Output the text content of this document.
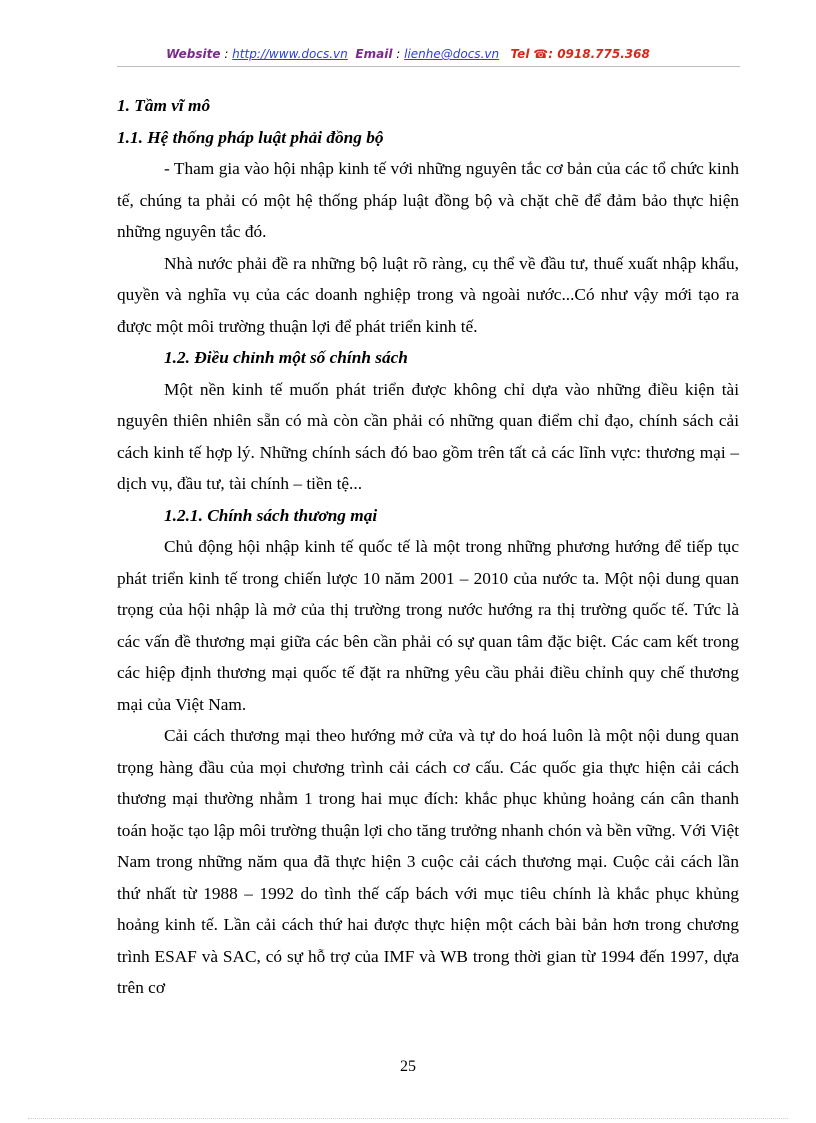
Website : http://www.docs.vn Email : lienhe@docs.vn Tel ☎: 0918.775.368

1. Tầm vĩ mô

1.1. Hệ thống pháp luật phải đồng bộ

- Tham gia vào hội nhập kinh tế với những nguyên tắc cơ bản của các tổ chức kinh tế, chúng ta phải có một hệ thống pháp luật đồng bộ và chặt chẽ để đảm bảo thực hiện những nguyên tắc đó.

Nhà nước phải đề ra những bộ luật rõ ràng, cụ thể về đầu tư, thuế xuất nhập khẩu, quyền và nghĩa vụ của các doanh nghiệp trong và ngoài nước...Có như vậy mới tạo ra được một môi trường thuận lợi để phát triển kinh tế.

1.2. Điều chỉnh một số chính sách

Một nền kinh tế muốn phát triển được không chỉ dựa vào những điều kiện tài nguyên thiên nhiên sẵn có mà còn cần phải có những quan điểm chỉ đạo, chính sách cải cách kinh tế hợp lý. Những chính sách đó bao gồm trên tất cả các lĩnh vực: thương mại – dịch vụ, đầu tư, tài chính – tiền tệ...

1.2.1. Chính sách thương mại

Chủ động hội nhập kinh tế quốc tế là một trong những phương hướng để tiếp tục phát triển kinh tế trong chiến lược 10 năm 2001 – 2010 của nước ta. Một nội dung quan trọng của hội nhập là mở của thị trường trong nước hướng ra thị trường quốc tế. Tức là các vấn đề thương mại giữa các bên cần phải có sự quan tâm đặc biệt. Các cam kết trong các hiệp định thương mại quốc tế đặt ra những yêu cầu phải điều chỉnh quy chế thương mại của Việt Nam.

Cải cách thương mại theo hướng mở cửa và tự do hoá luôn là một nội dung quan trọng hàng đầu của mọi chương trình cải cách cơ cấu. Các quốc gia thực hiện cải cách thương mại thường nhằm 1 trong hai mục đích: khắc phục khủng hoảng cán cân thanh toán hoặc tạo lập môi trường thuận lợi cho tăng trưởng nhanh chón và bền vững. Với Việt Nam trong những năm qua đã thực hiện 3 cuộc cải cách thương mại. Cuộc cải cách lần thứ nhất từ 1988 – 1992 do tình thế cấp bách với mục tiêu chính là khắc phục khủng hoảng kinh tế. Lần cải cách thứ hai được thực hiện một cách bài bản hơn trong chương trình ESAF và SAC, có sự hỗ trợ của IMF và WB trong thời gian từ 1994 đến 1997, dựa trên cơ

25
